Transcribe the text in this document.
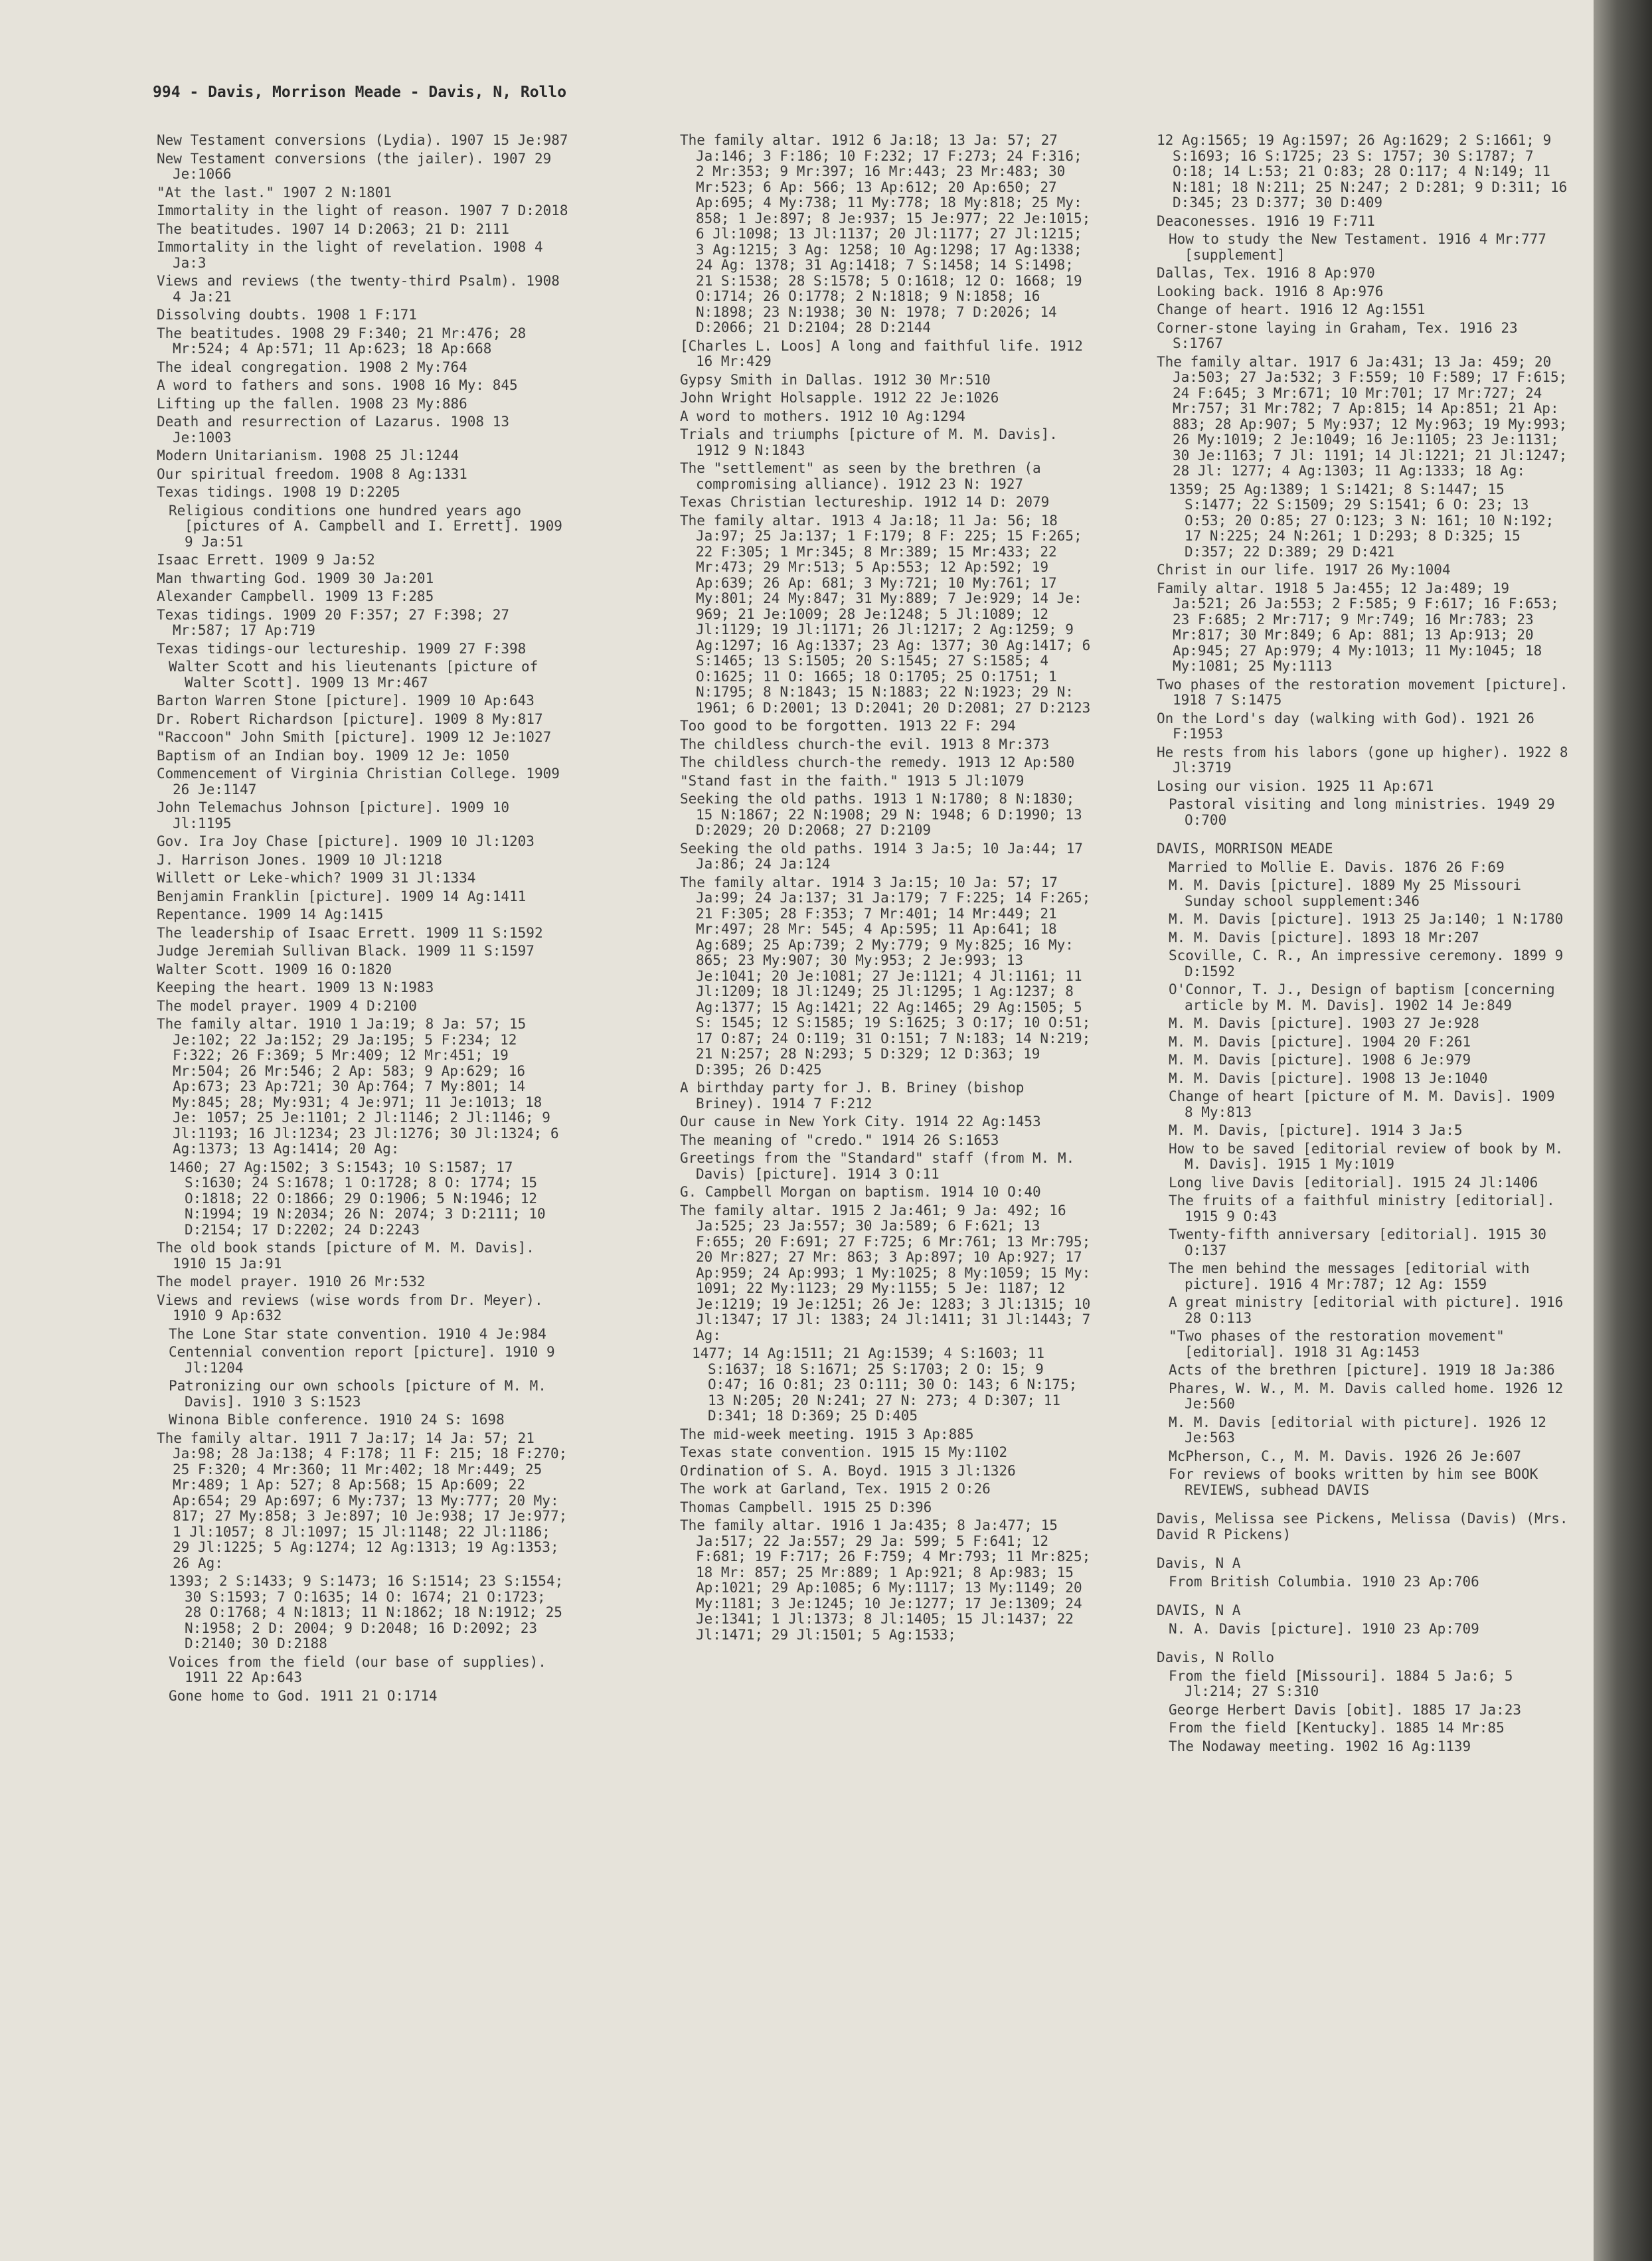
994 - Davis, Morrison Meade - Davis, N, Rollo
New Testament conversions (Lydia). 1907 15 Je:987
New Testament conversions (the jailer). 1907 29 Je:1066
"At the last." 1907 2 N:1801
Immortality in the light of reason. 1907 7 D:2018
The beatitudes. 1907 14 D:2063; 21 D: 2111
Immortality in the light of revelation. 1908 4 Ja:3
Views and reviews (the twenty-third Psalm). 1908 4 Ja:21
Dissolving doubts. 1908 1 F:171
The beatitudes. 1908 29 F:340; 21 Mr:476; 28 Mr:524; 4 Ap:571; 11 Ap:623; 18 Ap:668
The ideal congregation. 1908 2 My:764
A word to fathers and sons. 1908 16 My: 845
Lifting up the fallen. 1908 23 My:886
Death and resurrection of Lazarus. 1908 13 Je:1003
Modern Unitarianism. 1908 25 Jl:1244
Our spiritual freedom. 1908 8 Ag:1331
Texas tidings. 1908 19 D:2205
Religious conditions one hundred years ago [pictures of A. Campbell and I. Errett]. 1909 9 Ja:51
Isaac Errett. 1909 9 Ja:52
Man thwarting God. 1909 30 Ja:201
Alexander Campbell. 1909 13 F:285
Texas tidings. 1909 20 F:357; 27 F:398; 27 Mr:587; 17 Ap:719
Texas tidings-our lectureship. 1909 27 F:398
Walter Scott and his lieutenants [picture of Walter Scott]. 1909 13 Mr:467
Barton Warren Stone [picture]. 1909 10 Ap:643
Dr. Robert Richardson [picture]. 1909 8 My:817
"Raccoon" John Smith [picture]. 1909 12 Je:1027
Baptism of an Indian boy. 1909 12 Je: 1050
Commencement of Virginia Christian College. 1909 26 Je:1147
John Telemachus Johnson [picture]. 1909 10 Jl:1195
Gov. Ira Joy Chase [picture]. 1909 10 Jl:1203
J. Harrison Jones. 1909 10 Jl:1218
Willett or Leke-which? 1909 31 Jl:1334
Benjamin Franklin [picture]. 1909 14 Ag:1411
Repentance. 1909 14 Ag:1415
The leadership of Isaac Errett. 1909 11 S:1592
Judge Jeremiah Sullivan Black. 1909 11 S:1597
Walter Scott. 1909 16 O:1820
Keeping the heart. 1909 13 N:1983
The model prayer. 1909 4 D:2100
The family altar. 1910 1 Ja:19; 8 Ja: 57; 15 Je:102; 22 Ja:152; 29 Ja:195; 5 F:234; 12 F:322; 26 F:369; 5 Mr:409; 12 Mr:451; 19 Mr:504; 26 Mr:546; 2 Ap: 583; 9 Ap:629; 16 Ap:673; 23 Ap:721; 30 Ap:764; 7 My:801; 14 My:845; 28; My:931; 4 Je:971; 11 Je:1013; 18 Je: 1057; 25 Je:1101; 2 Jl:1146; 2 Jl:1146; 9 Jl:1193; 16 Jl:1234; 23 Jl:1276; 30 Jl:1324; 6 Ag:1373; 13 Ag:1414; 20 Ag:
1460; 27 Ag:1502; 3 S:1543; 10 S:1587; 17 S:1630; 24 S:1678; 1 O:1728; 8 O: 1774; 15 O:1818; 22 O:1866; 29 O:1906; 5 N:1946; 12 N:1994; 19 N:2034; 26 N: 2074; 3 D:2111; 10 D:2154; 17 D:2202; 24 D:2243
The old book stands [picture of M. M. Davis]. 1910 15 Ja:91
The model prayer. 1910 26 Mr:532
Views and reviews (wise words from Dr. Meyer). 1910 9 Ap:632
The Lone Star state convention. 1910 4 Je:984
Centennial convention report [picture]. 1910 9 Jl:1204
Patronizing our own schools [picture of M. M. Davis]. 1910 3 S:1523
Winona Bible conference. 1910 24 S: 1698
The family altar. 1911 7 Ja:17; 14 Ja: 57; 21 Ja:98; 28 Ja:138; 4 F:178; 11 F: 215; 18 F:270; 25 F:320; 4 Mr:360; 11 Mr:402; 18 Mr:449; 25 Mr:489; 1 Ap: 527; 8 Ap:568; 15 Ap:609; 22 Ap:654; 29 Ap:697; 6 My:737; 13 My:777; 20 My: 817; 27 My:858; 3 Je:897; 10 Je:938; 17 Je:977; 1 Jl:1057; 8 Jl:1097; 15 Jl:1148; 22 Jl:1186; 29 Jl:1225; 5 Ag:1274; 12 Ag:1313; 19 Ag:1353; 26 Ag:
1393; 2 S:1433; 9 S:1473; 16 S:1514; 23 S:1554; 30 S:1593; 7 O:1635; 14 O: 1674; 21 O:1723; 28 O:1768; 4 N:1813; 11 N:1862; 18 N:1912; 25 N:1958; 2 D: 2004; 9 D:2048; 16 D:2092; 23 D:2140; 30 D:2188
Voices from the field (our base of supplies). 1911 22 Ap:643
Gone home to God. 1911 21 O:1714
The family altar. 1912 6 Ja:18; 13 Ja: 57; 27 Ja:146; 3 F:186; 10 F:232; 17 F:273; 24 F:316; 2 Mr:353; 9 Mr:397; 16 Mr:443; 23 Mr:483; 30 Mr:523; 6 Ap: 566; 13 Ap:612; 20 Ap:650; 27 Ap:695; 4 My:738; 11 My:778; 18 My:818; 25 My: 858; 1 Je:897; 8 Je:937; 15 Je:977; 22 Je:1015; 6 Jl:1098; 13 Jl:1137; 20 Jl:1177; 27 Jl:1215; 3 Ag:1215; 3 Ag: 1258; 10 Ag:1298; 17 Ag:1338; 24 Ag: 1378; 31 Ag:1418; 7 S:1458; 14 S:1498; 21 S:1538; 28 S:1578; 5 O:1618; 12 O: 1668; 19 O:1714; 26 O:1778; 2 N:1818; 9 N:1858; 16 N:1898; 23 N:1938; 30 N: 1978; 7 D:2026; 14 D:2066; 21 D:2104; 28 D:2144
[Charles L. Loos] A long and faithful life. 1912 16 Mr:429
Gypsy Smith in Dallas. 1912 30 Mr:510
John Wright Holsapple. 1912 22 Je:1026
A word to mothers. 1912 10 Ag:1294
Trials and triumphs [picture of M. M. Davis]. 1912 9 N:1843
The "settlement" as seen by the brethren (a compromising alliance). 1912 23 N: 1927
Texas Christian lectureship. 1912 14 D: 2079
The family altar. 1913 4 Ja:18; 11 Ja: 56; 18 Ja:97; 25 Ja:137; 1 F:179; 8 F: 225; 15 F:265; 22 F:305; 1 Mr:345; 8 Mr:389; 15 Mr:433; 22 Mr:473; 29 Mr:513; 5 Ap:553; 12 Ap:592; 19 Ap:639; 26 Ap: 681; 3 My:721; 10 My:761; 17 My:801; 24 My:847; 31 My:889; 7 Je:929; 14 Je: 969; 21 Je:1009; 28 Je:1248; 5 Jl:1089; 12 Jl:1129; 19 Jl:1171; 26 Jl:1217; 2 Ag:1259; 9 Ag:1297; 16 Ag:1337; 23 Ag: 1377; 30 Ag:1417; 6 S:1465; 13 S:1505; 20 S:1545; 27 S:1585; 4 O:1625; 11 O: 1665; 18 O:1705; 25 O:1751; 1 N:1795; 8 N:1843; 15 N:1883; 22 N:1923; 29 N: 1961; 6 D:2001; 13 D:2041; 20 D:2081; 27 D:2123
Too good to be forgotten. 1913 22 F: 294
The childless church-the evil. 1913 8 Mr:373
The childless church-the remedy. 1913 12 Ap:580
"Stand fast in the faith." 1913 5 Jl:1079
Seeking the old paths. 1913 1 N:1780; 8 N:1830; 15 N:1867; 22 N:1908; 29 N: 1948; 6 D:1990; 13 D:2029; 20 D:2068; 27 D:2109
Seeking the old paths. 1914 3 Ja:5; 10 Ja:44; 17 Ja:86; 24 Ja:124
The family altar. 1914 3 Ja:15; 10 Ja: 57; 17 Ja:99; 24 Ja:137; 31 Ja:179; 7 F:225; 14 F:265; 21 F:305; 28 F:353; 7 Mr:401; 14 Mr:449; 21 Mr:497; 28 Mr: 545; 4 Ap:595; 11 Ap:641; 18 Ag:689; 25 Ap:739; 2 My:779; 9 My:825; 16 My: 865; 23 My:907; 30 My:953; 2 Je:993; 13 Je:1041; 20 Je:1081; 27 Je:1121; 4 Jl:1161; 11 Jl:1209; 18 Jl:1249; 25 Jl:1295; 1 Ag:1237; 8 Ag:1377; 15 Ag:1421; 22 Ag:1465; 29 Ag:1505; 5 S: 1545; 12 S:1585; 19 S:1625; 3 O:17; 10 O:51; 17 O:87; 24 O:119; 31 O:151; 7 N:183; 14 N:219; 21 N:257; 28 N:293; 5 D:329; 12 D:363; 19 D:395; 26 D:425
A birthday party for J. B. Briney (bishop Briney). 1914 7 F:212
Our cause in New York City. 1914 22 Ag:1453
The meaning of "credo." 1914 26 S:1653
Greetings from the "Standard" staff (from M. M. Davis) [picture]. 1914 3 O:11
G. Campbell Morgan on baptism. 1914 10 O:40
The family altar. 1915 2 Ja:461; 9 Ja: 492; 16 Ja:525; 23 Ja:557; 30 Ja:589; 6 F:621; 13 F:655; 20 F:691; 27 F:725; 6 Mr:761; 13 Mr:795; 20 Mr:827; 27 Mr: 863; 3 Ap:897; 10 Ap:927; 17 Ap:959; 24 Ap:993; 1 My:1025; 8 My:1059; 15 My: 1091; 22 My:1123; 29 My:1155; 5 Je: 1187; 12 Je:1219; 19 Je:1251; 26 Je: 1283; 3 Jl:1315; 10 Jl:1347; 17 Jl: 1383; 24 Jl:1411; 31 Jl:1443; 7 Ag:
1477; 14 Ag:1511; 21 Ag:1539; 4 S:1603; 11 S:1637; 18 S:1671; 25 S:1703; 2 O: 15; 9 O:47; 16 O:81; 23 O:111; 30 O: 143; 6 N:175; 13 N:205; 20 N:241; 27 N: 273; 4 D:307; 11 D:341; 18 D:369; 25 D:405
The mid-week meeting. 1915 3 Ap:885
Texas state convention. 1915 15 My:1102
Ordination of S. A. Boyd. 1915 3 Jl:1326
The work at Garland, Tex. 1915 2 O:26
Thomas Campbell. 1915 25 D:396
The family altar. 1916 1 Ja:435; 8 Ja:477; 15 Ja:517; 22 Ja:557; 29 Ja: 599; 5 F:641; 12 F:681; 19 F:717; 26 F:759; 4 Mr:793; 11 Mr:825; 18 Mr: 857; 25 Mr:889; 1 Ap:921; 8 Ap:983; 15 Ap:1021; 29 Ap:1085; 6 My:1117; 13 My:1149; 20 My:1181; 3 Je:1245; 10 Je:1277; 17 Je:1309; 24 Je:1341; 1 Jl:1373; 8 Jl:1405; 15 Jl:1437; 22 Jl:1471; 29 Jl:1501; 5 Ag:1533;
12 Ag:1565; 19 Ag:1597; 26 Ag:1629; 2 S:1661; 9 S:1693; 16 S:1725; 23 S: 1757; 30 S:1787; 7 O:18; 14 L:53; 21 O:83; 28 O:117; 4 N:149; 11 N:181; 18 N:211; 25 N:247; 2 D:281; 9 D:311; 16 D:345; 23 D:377; 30 D:409
Deaconesses. 1916 19 F:711
How to study the New Testament. 1916 4 Mr:777 [supplement]
Dallas, Tex. 1916 8 Ap:970
Looking back. 1916 8 Ap:976
Change of heart. 1916 12 Ag:1551
Corner-stone laying in Graham, Tex. 1916 23 S:1767
The family altar. 1917 6 Ja:431; 13 Ja: 459; 20 Ja:503; 27 Ja:532; 3 F:559; 10 F:589; 17 F:615; 24 F:645; 3 Mr:671; 10 Mr:701; 17 Mr:727; 24 Mr:757; 31 Mr:782; 7 Ap:815; 14 Ap:851; 21 Ap: 883; 28 Ap:907; 5 My:937; 12 My:963; 19 My:993; 26 My:1019; 2 Je:1049; 16 Je:1105; 23 Je:1131; 30 Je:1163; 7 Jl: 1191; 14 Jl:1221; 21 Jl:1247; 28 Jl: 1277; 4 Ag:1303; 11 Ag:1333; 18 Ag:
1359; 25 Ag:1389; 1 S:1421; 8 S:1447; 15 S:1477; 22 S:1509; 29 S:1541; 6 O: 23; 13 O:53; 20 O:85; 27 O:123; 3 N: 161; 10 N:192; 17 N:225; 24 N:261; 1 D:293; 8 D:325; 15 D:357; 22 D:389; 29 D:421
Christ in our life. 1917 26 My:1004
Family altar. 1918 5 Ja:455; 12 Ja:489; 19 Ja:521; 26 Ja:553; 2 F:585; 9 F:617; 16 F:653; 23 F:685; 2 Mr:717; 9 Mr:749; 16 Mr:783; 23 Mr:817; 30 Mr:849; 6 Ap: 881; 13 Ap:913; 20 Ap:945; 27 Ap:979; 4 My:1013; 11 My:1045; 18 My:1081; 25 My:1113
Two phases of the restoration movement [picture]. 1918 7 S:1475
On the Lord's day (walking with God). 1921 26 F:1953
He rests from his labors (gone up higher). 1922 8 Jl:3719
Losing our vision. 1925 11 Ap:671
Pastoral visiting and long ministries. 1949 29 O:700
DAVIS, MORRISON MEADE
Married to Mollie E. Davis. 1876 26 F:69
M. M. Davis [picture]. 1889 My 25 Missouri Sunday school supplement:346
M. M. Davis [picture]. 1913 25 Ja:140; 1 N:1780
M. M. Davis [picture]. 1893 18 Mr:207
Scoville, C. R., An impressive ceremony. 1899 9 D:1592
O'Connor, T. J., Design of baptism [concerning article by M. M. Davis]. 1902 14 Je:849
M. M. Davis [picture]. 1903 27 Je:928
M. M. Davis [picture]. 1904 20 F:261
M. M. Davis [picture]. 1908 6 Je:979
M. M. Davis [picture]. 1908 13 Je:1040
Change of heart [picture of M. M. Davis]. 1909 8 My:813
M. M. Davis, [picture]. 1914 3 Ja:5
How to be saved [editorial review of book by M. M. Davis]. 1915 1 My:1019
Long live Davis [editorial]. 1915 24 Jl:1406
The fruits of a faithful ministry [editorial]. 1915 9 O:43
Twenty-fifth anniversary [editorial]. 1915 30 O:137
The men behind the messages [editorial with picture]. 1916 4 Mr:787; 12 Ag: 1559
A great ministry [editorial with picture]. 1916 28 O:113
"Two phases of the restoration movement" [editorial]. 1918 31 Ag:1453
Acts of the brethren [picture]. 1919 18 Ja:386
Phares, W. W., M. M. Davis called home. 1926 12 Je:560
M. M. Davis [editorial with picture]. 1926 12 Je:563
McPherson, C., M. M. Davis. 1926 26 Je:607
For reviews of books written by him see BOOK REVIEWS, subhead DAVIS
Davis, Melissa see Pickens, Melissa (Davis) (Mrs. David R Pickens)
Davis, N A
From British Columbia. 1910 23 Ap:706
DAVIS, N A
N. A. Davis [picture]. 1910 23 Ap:709
Davis, N Rollo
From the field [Missouri]. 1884 5 Ja:6; 5 Jl:214; 27 S:310
George Herbert Davis [obit]. 1885 17 Ja:23
From the field [Kentucky]. 1885 14 Mr:85
The Nodaway meeting. 1902 16 Ag:1139
